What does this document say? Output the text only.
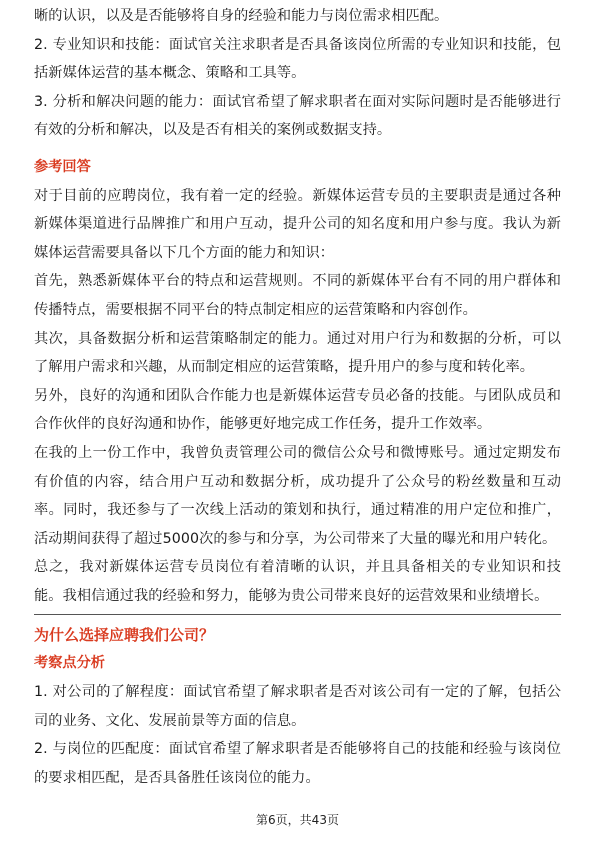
晰的认识，以及是否能够将自身的经验和能力与岗位需求相匹配。

2. 专业知识和技能：面试官关注求职者是否具备该岗位所需的专业知识和技能，包括新媒体运营的基本概念、策略和工具等。

3. 分析和解决问题的能力：面试官希望了解求职者在面对实际问题时是否能够进行有效的分析和解决，以及是否有相关的案例或数据支持。

参考回答

对于目前的应聘岗位，我有着一定的经验。新媒体运营专员的主要职责是通过各种新媒体渠道进行品牌推广和用户互动，提升公司的知名度和用户参与度。我认为新媒体运营需要具备以下几个方面的能力和知识：

首先，熟悉新媒体平台的特点和运营规则。不同的新媒体平台有不同的用户群体和传播特点，需要根据不同平台的特点制定相应的运营策略和内容创作。

其次，具备数据分析和运营策略制定的能力。通过对用户行为和数据的分析，可以了解用户需求和兴趣，从而制定相应的运营策略，提升用户的参与度和转化率。

另外，良好的沟通和团队合作能力也是新媒体运营专员必备的技能。与团队成员和合作伙伴的良好沟通和协作，能够更好地完成工作任务，提升工作效率。

在我的上一份工作中，我曾负责管理公司的微信公众号和微博账号。通过定期发布有价值的内容，结合用户互动和数据分析，成功提升了公众号的粉丝数量和互动率。同时，我还参与了一次线上活动的策划和执行，通过精准的用户定位和推广，活动期间获得了超过5000次的参与和分享，为公司带来了大量的曝光和用户转化。

总之，我对新媒体运营专员岗位有着清晰的认识，并且具备相关的专业知识和技能。我相信通过我的经验和努力，能够为贵公司带来良好的运营效果和业绩增长。

为什么选择应聘我们公司？

考察点分析

1. 对公司的了解程度：面试官希望了解求职者是否对该公司有一定的了解，包括公司的业务、文化、发展前景等方面的信息。

2. 与岗位的匹配度：面试官希望了解求职者是否能够将自己的技能和经验与该岗位的要求相匹配，是否具备胜任该岗位的能力。

第6页，共43页
